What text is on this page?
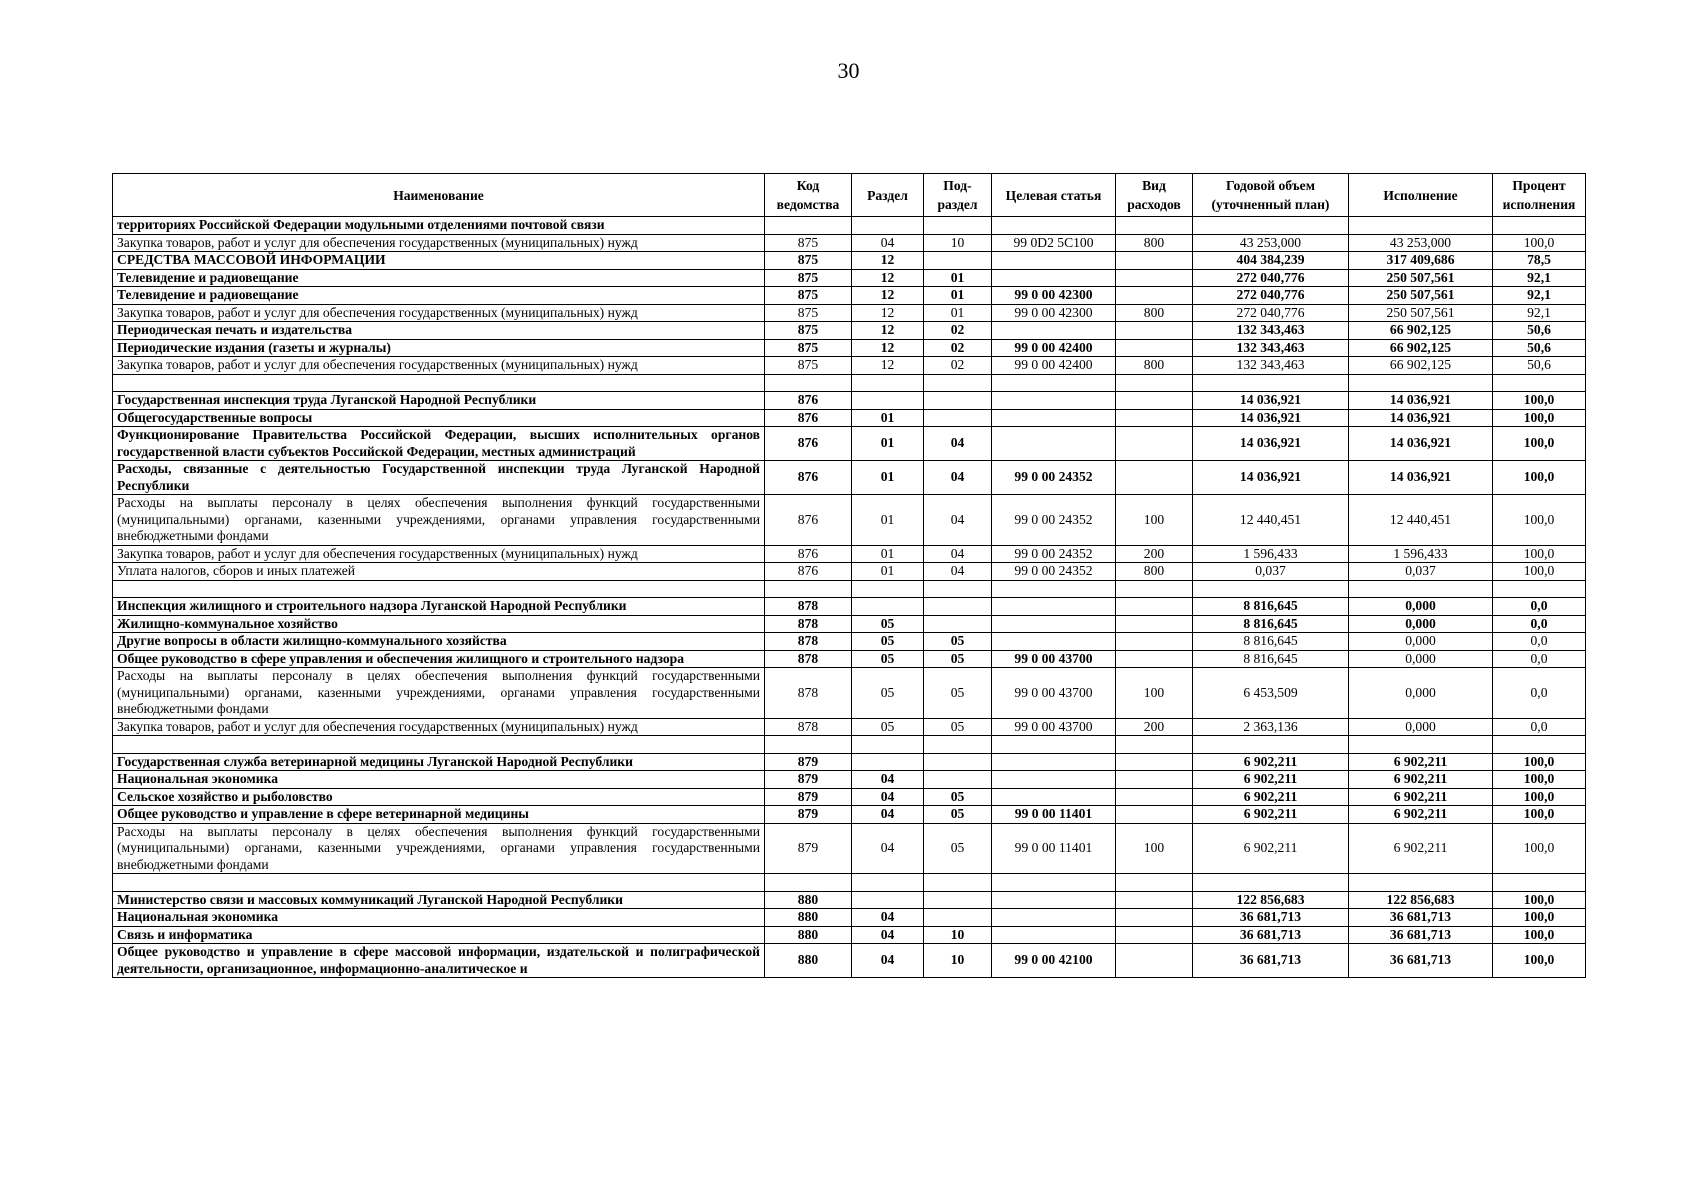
30
Наименование	Код ведомства	Раздел	Под-раздел	Целевая статья	Вид расходов	Годовой объем (уточненный план)	Исполнение	Процент исполнения
территориях Российской Федерации модульными отделениями почтовой связи								
Закупка товаров, работ и услуг для обеспечения государственных (муниципальных) нужд	875	04	10	99 0D2 5C100	800	43 253,000	43 253,000	100,0
СРЕДСТВА МАССОВОЙ ИНФОРМАЦИИ	875	12				404 384,239	317 409,686	78,5
Телевидение и радиовещание	875	12	01			272 040,776	250 507,561	92,1
Телевидение и радиовещание	875	12	01	99 0 00 42300		272 040,776	250 507,561	92,1
Закупка товаров, работ и услуг для обеспечения государственных (муниципальных) нужд	875	12	01	99 0 00 42300	800	272 040,776	250 507,561	92,1
Периодическая печать и издательства	875	12	02			132 343,463	66 902,125	50,6
Периодические издания (газеты и журналы)	875	12	02	99 0 00 42400		132 343,463	66 902,125	50,6
Закупка товаров, работ и услуг для обеспечения государственных (муниципальных) нужд	875	12	02	99 0 00 42400	800	132 343,463	66 902,125	50,6

Государственная инспекция труда Луганской Народной Республики	876					14 036,921	14 036,921	100,0
Общегосударственные вопросы	876	01				14 036,921	14 036,921	100,0
Функционирование Правительства Российской Федерации, высших исполнительных органов государственной власти субъектов Российской Федерации, местных администраций	876	01	04			14 036,921	14 036,921	100,0
Расходы, связанные с деятельностью Государственной инспекции труда Луганской Народной Республики	876	01	04	99 0 00 24352		14 036,921	14 036,921	100,0
Расходы на выплаты персоналу в целях обеспечения выполнения функций государственными (муниципальными) органами, казенными учреждениями, органами управления государственными внебюджетными фондами	876	01	04	99 0 00 24352	100	12 440,451	12 440,451	100,0
Закупка товаров, работ и услуг для обеспечения государственных (муниципальных) нужд	876	01	04	99 0 00 24352	200	1 596,433	1 596,433	100,0
Уплата налогов, сборов и иных платежей	876	01	04	99 0 00 24352	800	0,037	0,037	100,0

Инспекция жилищного и строительного надзора Луганской Народной Республики	878					8 816,645	0,000	0,0
Жилищно-коммунальное хозяйство	878	05				8 816,645	0,000	0,0
Другие вопросы в области жилищно-коммунального хозяйства	878	05	05			8 816,645	0,000	0,0
Общее руководство в сфере управления и обеспечения жилищного и строительного надзора	878	05	05	99 0 00 43700		8 816,645	0,000	0,0
Расходы на выплаты персоналу в целях обеспечения выполнения функций государственными (муниципальными) органами, казенными учреждениями, органами управления государственными внебюджетными фондами	878	05	05	99 0 00 43700	100	6 453,509	0,000	0,0
Закупка товаров, работ и услуг для обеспечения государственных (муниципальных) нужд	878	05	05	99 0 00 43700	200	2 363,136	0,000	0,0

Государственная служба ветеринарной медицины Луганской Народной Республики	879					6 902,211	6 902,211	100,0
Национальная экономика	879	04				6 902,211	6 902,211	100,0
Сельское хозяйство и рыболовство	879	04	05			6 902,211	6 902,211	100,0
Общее руководство и управление в сфере ветеринарной медицины	879	04	05	99 0 00 11401		6 902,211	6 902,211	100,0
Расходы на выплаты персоналу в целях обеспечения выполнения функций государственными (муниципальными) органами, казенными учреждениями, органами управления государственными внебюджетными фондами	879	04	05	99 0 00 11401	100	6 902,211	6 902,211	100,0

Министерство связи и массовых коммуникаций Луганской Народной Республики	880					122 856,683	122 856,683	100,0
Национальная экономика	880	04				36 681,713	36 681,713	100,0
Связь и информатика	880	04	10			36 681,713	36 681,713	100,0
Общее руководство и управление в сфере массовой информации, издательской и полиграфической деятельности, организационное, информационно-аналитическое и	880	04	10	99 0 00 42100		36 681,713	36 681,713	100,0
